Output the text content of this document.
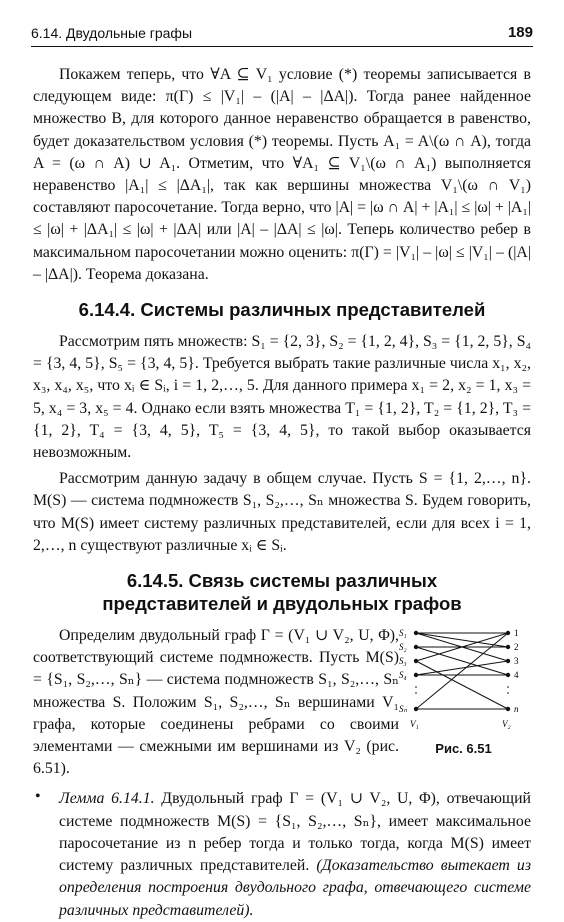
6.14. Двудольные графы	189

Покажем теперь, что ∀A ⊆ V₁ условие (*) теоремы записывается в следующем виде: π(Γ) ≤ |V₁| – (|A| – |ΔA|). Тогда ранее найденное множество B, для которого данное неравенство обращается в равенство, будет доказательством условия (*) теоремы. Пусть A₁ = A\(ω ∩ A), тогда A = (ω ∩ A) ∪ A₁. Отметим, что ∀A₁ ⊆ V₁\(ω ∩ A₁) выполняется неравенство |A₁| ≤ |ΔA₁|, так как вершины множества V₁\(ω ∩ V₁) составляют паросочетание. Тогда верно, что |A| = |ω ∩ A| + |A₁| ≤ |ω| + |A₁| ≤ |ω| + |ΔA₁| ≤ |ω| + |ΔA| или |A| – |ΔA| ≤ |ω|. Теперь количество ребер в максимальном паросочетании можно оценить: π(Γ) = |V₁| – |ω| ≤ |V₁| – (|A| – |ΔA|). Теорема доказана.

6.14.4. Системы различных представителей

Рассмотрим пять множеств: S₁ = {2, 3}, S₂ = {1, 2, 4}, S₃ = {1, 2, 5}, S₄ = {3, 4, 5}, S₅ = {3, 4, 5}. Требуется выбрать такие различные числа x₁, x₂, x₃, x₄, x₅, что xᵢ ∈ Sᵢ, i = 1, 2,…, 5. Для данного примера x₁ = 2, x₂ = 1, x₃ = 5, x₄ = 3, x₅ = 4. Однако если взять множества T₁ = {1, 2}, T₂ = {1, 2}, T₃ = {1, 2}, T₄ = {3, 4, 5}, T₅ = {3, 4, 5}, то такой выбор оказывается невозможным.

Рассмотрим данную задачу в общем случае. Пусть S = {1, 2,…, n}. M(S) — система подмножеств S₁, S₂,…, Sₙ множества S. Будем говорить, что M(S) имеет систему различных представителей, если для всех i = 1, 2,…, n существуют различные xᵢ ∈ Sᵢ.

6.14.5. Связь системы различных
представителей и двудольных графов

Определим двудольный граф Γ = (V₁ ∪ V₂, U, Φ), соответствующий системе подмножеств. Пусть M(S) = {S₁, S₂,…, Sₙ} — система подмножеств S₁, S₂,…, Sₙ множества S. Положим S₁, S₂,…, Sₙ вершинами V₁ графа, которые соединены ребрами со своими элементами — смежными им вершинами из V₂ (рис. 6.51).

S₁	1
S₂	2
S₃	3
S₄	4
Sₙ	n
V₁	V₂
Рис. 6.51
• Лемма 6.14.1. Двудольный граф Γ = (V₁ ∪ V₂, U, Φ), отвечающий системе подмножеств M(S) = {S₁, S₂,…, Sₙ}, имеет максимальное паросочетание из n ребер тогда и только тогда, когда M(S) имеет систему различных представителей. (Доказательство вытекает из определения построения двудольного графа, отвечающего системе различных представителей).
